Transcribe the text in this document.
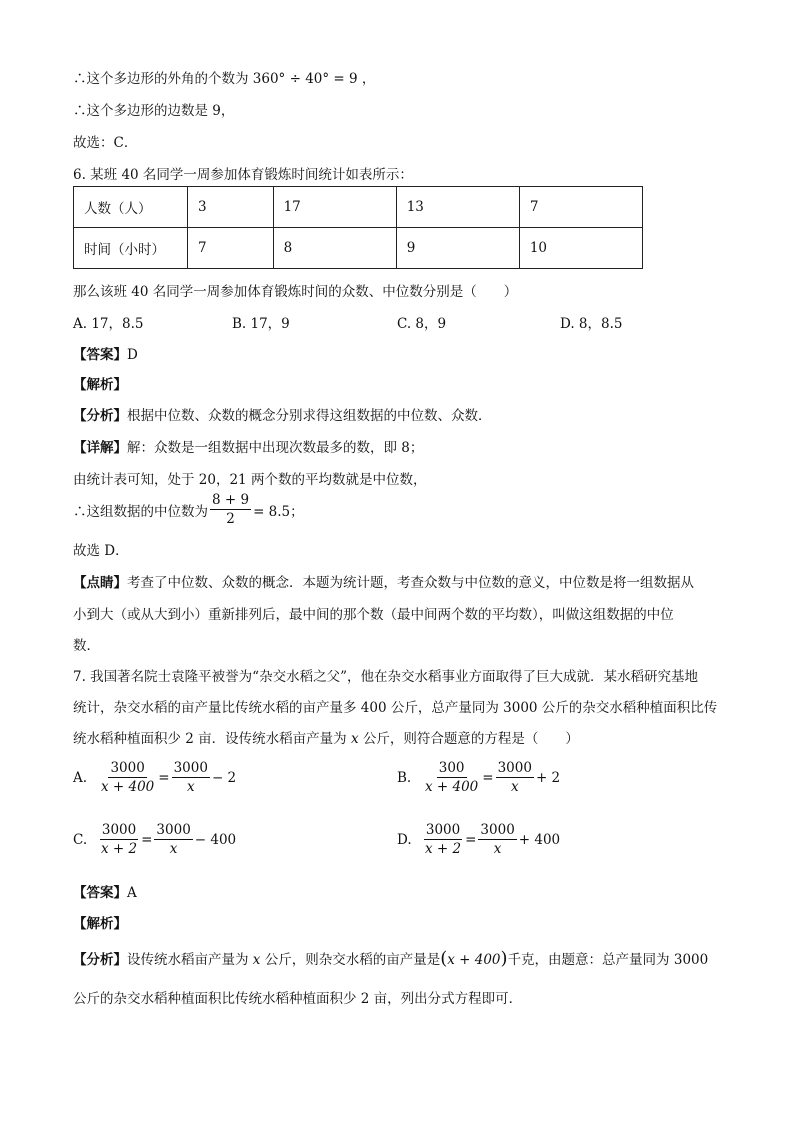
∴这个多边形的外角的个数为 360° ÷ 40° = 9 ，
∴这个多边形的边数是 9，
故选：C．
6. 某班 40 名同学一周参加体育锻炼时间统计如表所示：
人数（人）	3	17	13	7
时间（小时）	7	8	9	10
那么该班 40 名同学一周参加体育锻炼时间的众数、中位数分别是（　　）
A. 17，8.5	B. 17，9	C. 8，9	D. 8，8.5
【答案】D
【解析】
【分析】根据中位数、众数的概念分别求得这组数据的中位数、众数．
【详解】解：众数是一组数据中出现次数最多的数，即 8；
由统计表可知，处于 20，21 两个数的平均数就是中位数，
∴这组数据的中位数为 $\frac{8 + 9}{2} = 8.5$；
故选 D．
【点睛】考查了中位数、众数的概念．本题为统计题，考查众数与中位数的意义，中位数是将一组数据从
小到大（或从大到小）重新排列后，最中间的那个数（最中间两个数的平均数），叫做这组数据的中位
数．
7. 我国著名院士袁隆平被誉为“杂交水稻之父”，他在杂交水稻事业方面取得了巨大成就．某水稻研究基地
统计，杂交水稻的亩产量比传统水稻的亩产量多 400 公斤，总产量同为 3000 公斤的杂交水稻种植面积比传
统水稻种植面积少 2 亩．设传统水稻亩产量为 x 公斤，则符合题意的方程是（　　）
A. $\frac{3000}{x + 400} = \frac{3000}{x} - 2$	B. $\frac{300}{x + 400} = \frac{3000}{x} + 2$
C. $\frac{3000}{x + 2} = \frac{3000}{x} - 400$	D. $\frac{3000}{x + 2} = \frac{3000}{x} + 400$
【答案】A
【解析】
【分析】设传统水稻亩产量为 x 公斤，则杂交水稻的亩产量是(x + 400)千克，由题意：总产量同为 3000
公斤的杂交水稻种植面积比传统水稻种植面积少 2 亩，列出分式方程即可．
